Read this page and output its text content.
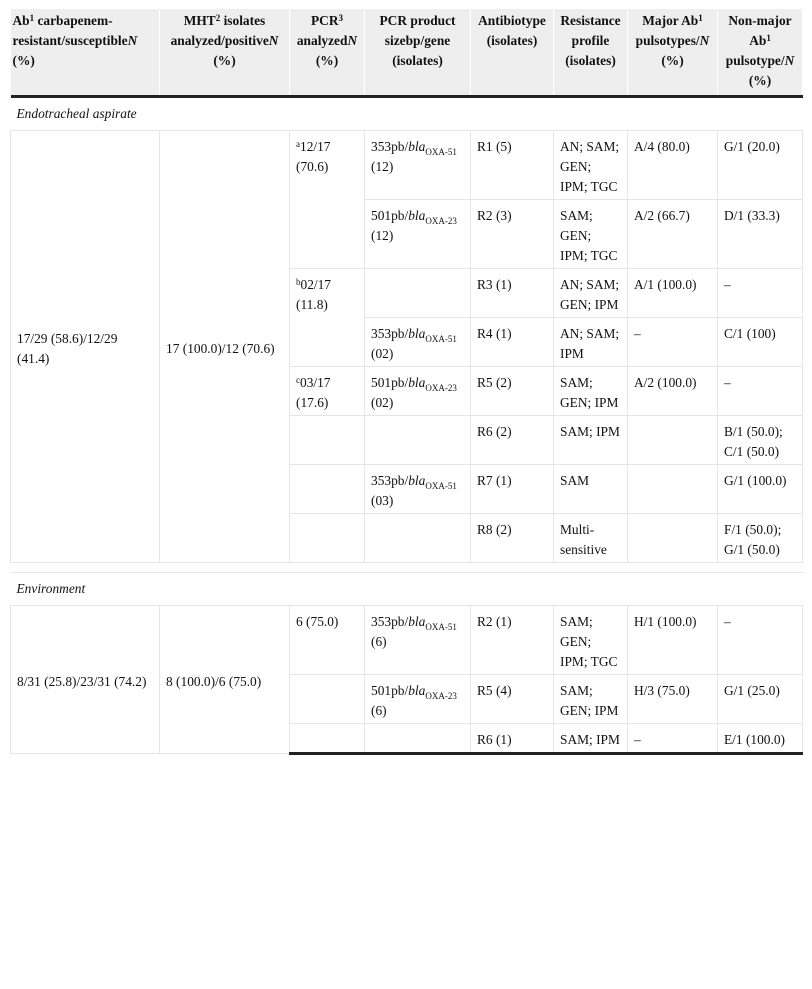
Ab$^1$ carbapenem-resistant/susceptibleN (%)	MHT$^2$ isolates analyzed/positiveN (%)	PCR$^3$ analyzedN (%)	PCR product sizebp/gene (isolates)	Antibiotype (isolates)	Resistance profile (isolates)	Major Ab$^1$ pulsotypes/N (%)	Non-major Ab$^1$ pulsotype/N (%)
Endotracheal aspirate							
17/29 (58.6)/12/29 (41.4)	17 (100.0)/12 (70.6)	$^a$12/17 (70.6)	353pb/bla$_{OXA-51}$ (12)	R1 (5)	AN; SAM; GEN; IPM; TGC	A/4 (80.0)	G/1 (20.0)
			501pb/bla$_{OXA-23}$ (12)	R2 (3)	SAM; GEN; IPM; TGC	A/2 (66.7)	D/1 (33.3)
		$^b$02/17 (11.8)		R3 (1)	AN; SAM; GEN; IPM	A/1 (100.0)	–
			353pb/bla$_{OXA-51}$ (02)	R4 (1)	AN; SAM; IPM	–	C/1 (100)
		$^c$03/17 (17.6)	501pb/bla$_{OXA-23}$ (02)	R5 (2)	SAM; GEN; IPM	A/2 (100.0)	–
				R6 (2)	SAM; IPM		B/1 (50.0); C/1 (50.0)
			353pb/bla$_{OXA-51}$ (03)	R7 (1)	SAM		G/1 (100.0)
				R8 (2)	Multi-sensitive		F/1 (50.0); G/1 (50.0)

Environment							
8/31 (25.8)/23/31 (74.2)	8 (100.0)/6 (75.0)	6 (75.0)	353pb/bla$_{OXA-51}$ (6)	R2 (1)	SAM; GEN; IPM; TGC	H/1 (100.0)	–
			501pb/bla$_{OXA-23}$ (6)	R5 (4)	SAM; GEN; IPM	H/3 (75.0)	G/1 (25.0)
				R6 (1)	SAM; IPM	–	E/1 (100.0)
